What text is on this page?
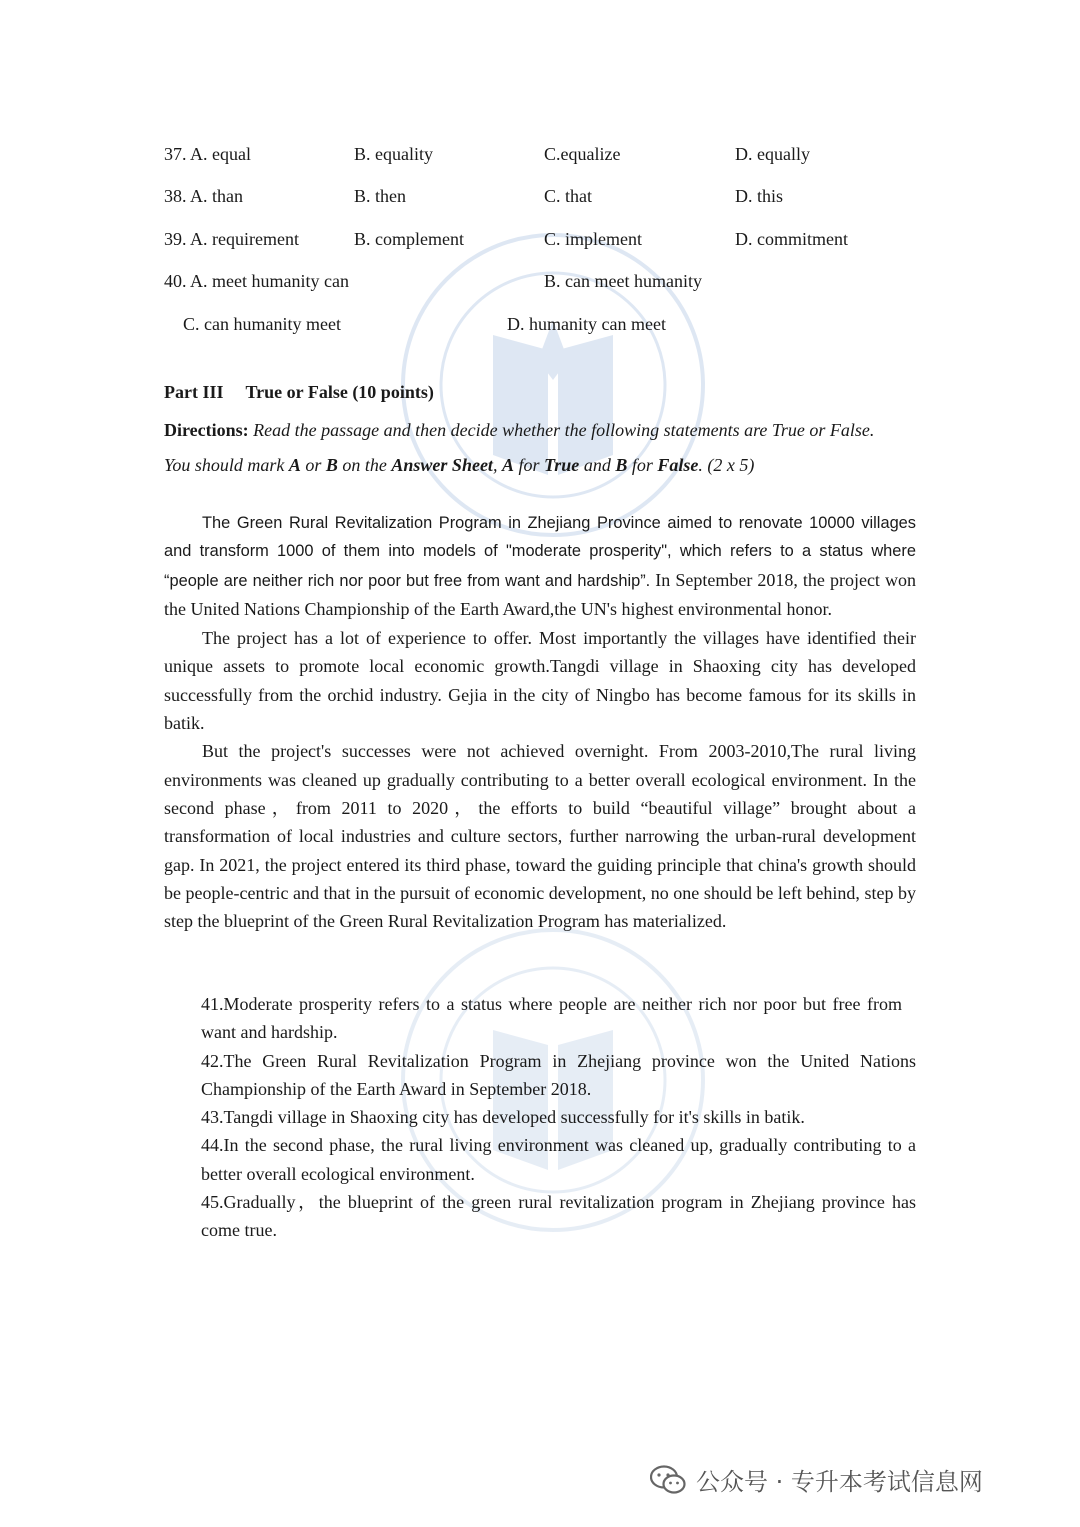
37. A. equal	B. equality	C.equalize	D. equally
38. A. than	B. then	C. that	D. this
39. A. requirement	B. complement	C. implement	D. commitment
40. A. meet humanity can	B. can meet humanity
C. can humanity meet	D. humanity can meet
Part III True or False (10 points)
Directions: Read the passage and then decide whether the following statements are True or False.
You should mark A or B on the Answer Sheet, A for True and B for False. (2 x 5)

The Green Rural Revitalization Program in Zhejiang Province aimed to renovate 10000 villages and transform 1000 of them into models of "moderate prosperity", which refers to a status where “people are neither rich nor poor but free from want and hardship”. In September 2018, the project won the United Nations Championship of the Earth Award,the UN's highest environmental honor.

The project has a lot of experience to offer. Most importantly the villages have identified their unique assets to promote local economic growth.Tangdi village in Shaoxing city has developed successfully from the orchid industry. Gejia in the city of Ningbo has become famous for its skills in batik.

But the project's successes were not achieved overnight. From 2003-2010,The rural living environments was cleaned up gradually contributing to a better overall ecological environment. In the second phase，from 2011 to 2020，the efforts to build “beautiful village” brought about a transformation of local industries and culture sectors, further narrowing the urban-rural development gap. In 2021, the project entered its third phase, toward the guiding principle that china's growth should be people-centric and that in the pursuit of economic development, no one should be left behind, step by step the blueprint of the Green Rural Revitalization Program has materialized.

41.Moderate prosperity refers to a status where people are neither rich nor poor but free from want and hardship.

42.The Green Rural Revitalization Program in Zhejiang province won the United Nations Championship of the Earth Award in September 2018.

43.Tangdi village in Shaoxing city has developed successfully for it's skills in batik.

44.In the second phase, the rural living environment was cleaned up, gradually contributing to a better overall ecological environment.

45.Gradually，the blueprint of the green rural revitalization program in Zhejiang province has come true.

公众号 · 专升本考试信息网
